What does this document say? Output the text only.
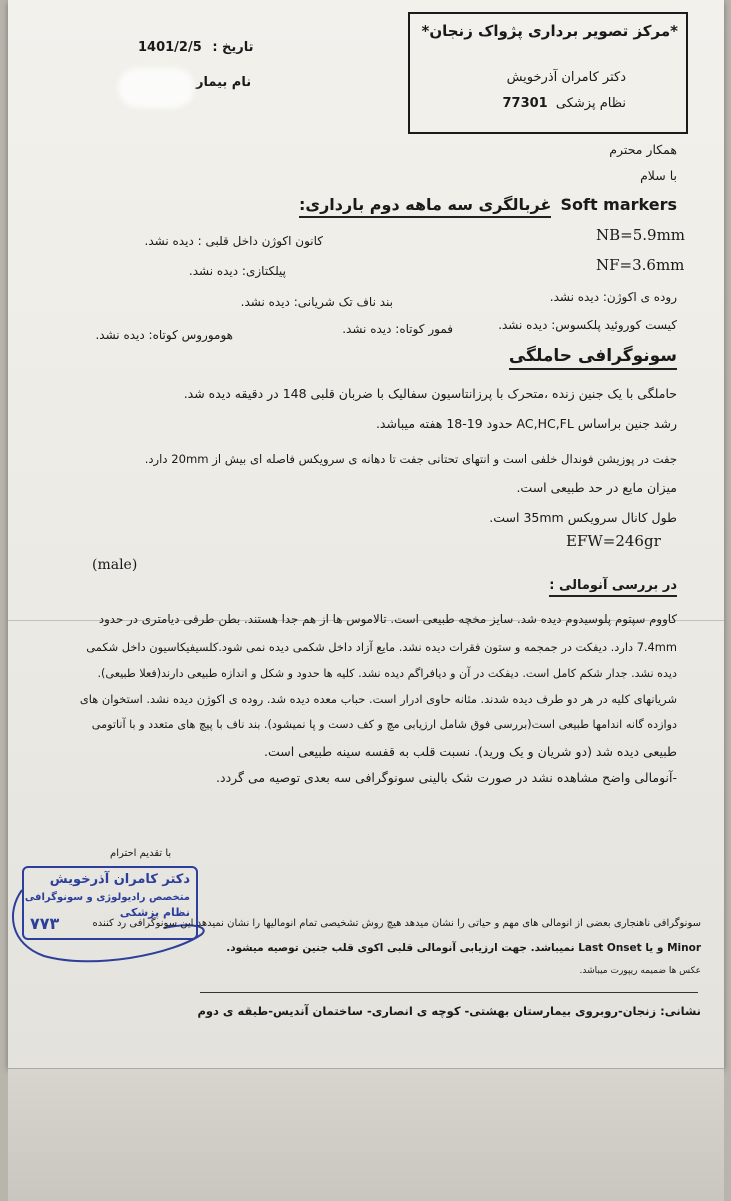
*مرکز تصویر برداری پژواک زنجان*
دکتر کامران آذرخویش
نظام پزشکی 77301
تاریخ : 1401/2/5
نام بیمار
همکار محترم
با سلام
Soft markers غربالگری سه ماهه دوم بارداری:
NB=5.9mm
کانون اکوژن داخل قلبی : دیده نشد.
NF=3.6mm
پیلکتازی: دیده نشد.
روده ی اکوژن: دیده نشد.
بند ناف تک شریانی: دیده نشد.
کیست کوروئید پلکسوس: دیده نشد.
فمور کوتاه: دیده نشد.
هوموروس کوتاه: دیده نشد.
سونوگرافی حاملگی
حاملگی با یک جنین زنده ،متحرک با پرزانتاسیون سفالیک با ضربان قلبی 148 در دقیقه دیده شد.
رشد جنین براساس AC,HC,FL حدود 19-18 هفته میباشد.
جفت در پوزیشن فوندال خلفی است و انتهای تحتانی جفت تا دهانه ی سرویکس فاصله ای بیش از 20mm دارد.
میزان مایع در حد طبیعی است.
طول کانال سرویکس 35mm است.
EFW=246gr
(male)
در بررسی آنومالی :
کاووم سپتوم پلوسیدوم دیده شد. سایز مخچه طبیعی است. تالاموس ها از هم جدا هستند. بطن طرفی دیامتری در حدود
7.4mm دارد. دیفکت در جمجمه و ستون فقرات دیده نشد. مایع آزاد داخل شکمی دیده نمی شود.کلسیفیکاسیون داخل شکمی
دیده نشد. جدار شکم کامل است. دیفکت در آن و دیافراگم دیده نشد. کلیه ها حدود و شکل و اندازه طبیعی دارند(فعلا طبیعی).
شریانهای کلیه در هر دو طرف دیده شدند. مثانه حاوی ادرار است. حباب معده دیده شد. روده ی اکوژن دیده نشد. استخوان های
دوازده گانه اندامها طبیعی است(بررسی فوق شامل ارزیابی مچ و کف دست و پا نمیشود). بند ناف با پیچ های متعدد و با آناتومی
طبیعی دیده شد (دو شریان و یک ورید). نسبت قلب به قفسه سینه طبیعی است.
-آنومالی واضح مشاهده نشد در صورت شک بالینی سونوگرافی سه بعدی توصیه می گردد.
با تقدیم احترام
دکتر کامران آذرخویش
متخصص رادیولوژی و سونوگرافی
نظام پزشکی
۷۷۳	سونوگرافی ناهنجاری بعضی از انومالی های مهم و حیاتی را نشان میدهد هیچ روش تشخیصی تمام انومالیها را نشان نمیدهد این سونوگرافی رد کننده
Minor و یا Last Onset نمیباشد. جهت ارزیابی آنومالی قلبی اکوی قلب جنین توصیه میشود.
عکس ها ضمیمه ریپورت میباشد.
نشانی: زنجان-روبروی بیمارستان بهشتی- کوچه ی انصاری- ساختمان آندیس-طبقه ی دوم
